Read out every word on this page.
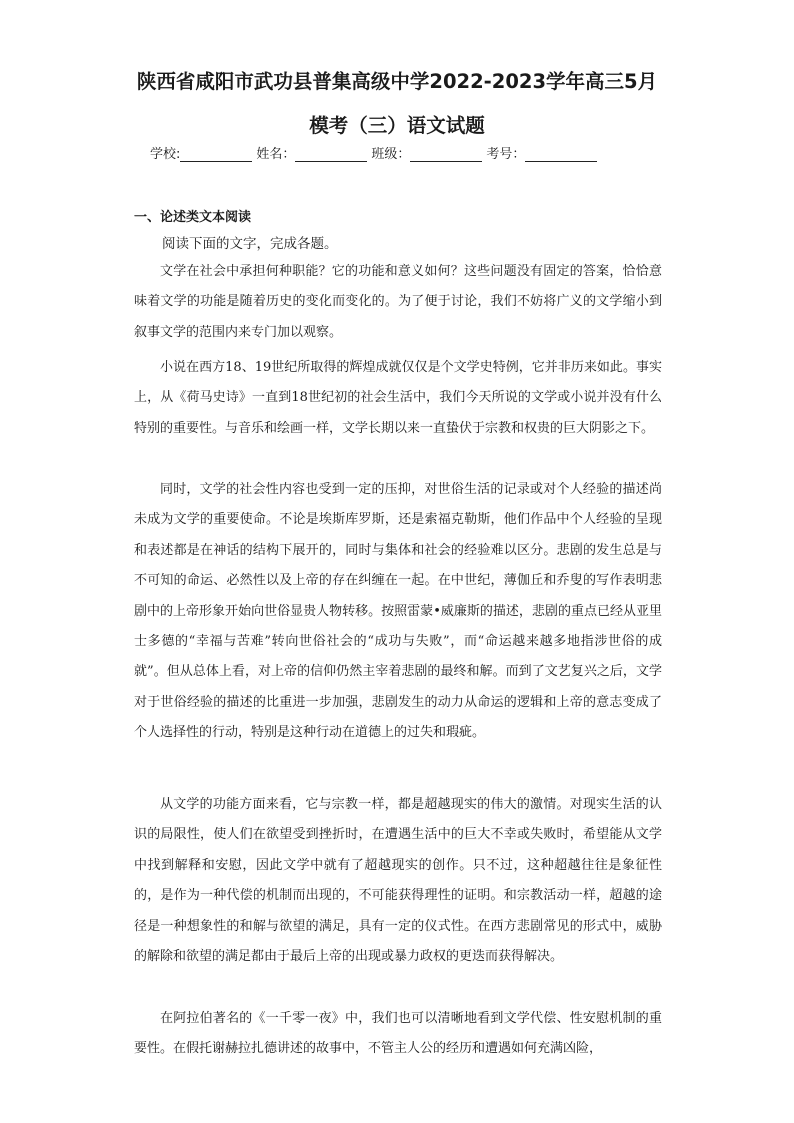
陕西省咸阳市武功县普集高级中学2022-2023学年高三5月
模考（三）语文试题
学校:	姓名：	班级：	考号：
一、论述类文本阅读
阅读下面的文字，完成各题。

文学在社会中承担何种职能？它的功能和意义如何？这些问题没有固定的答案，恰恰意味着文学的功能是随着历史的变化而变化的。为了便于讨论，我们不妨将广义的文学缩小到叙事文学的范围内来专门加以观察。

小说在西方18、19世纪所取得的辉煌成就仅仅是个文学史特例，它并非历来如此。事实上，从《荷马史诗》一直到18世纪初的社会生活中，我们今天所说的文学或小说并没有什么特别的重要性。与音乐和绘画一样，文学长期以来一直蛰伏于宗教和权贵的巨大阴影之下。

同时，文学的社会性内容也受到一定的压抑，对世俗生活的记录或对个人经验的描述尚未成为文学的重要使命。不论是埃斯库罗斯，还是索福克勒斯，他们作品中个人经验的呈现和表述都是在神话的结构下展开的，同时与集体和社会的经验难以区分。悲剧的发生总是与不可知的命运、必然性以及上帝的存在纠缠在一起。在中世纪，薄伽丘和乔叟的写作表明悲剧中的上帝形象开始向世俗显贵人物转移。按照雷蒙•威廉斯的描述，悲剧的重点已经从亚里士多德的“幸福与苦难”转向世俗社会的“成功与失败”，而“命运越来越多地指涉世俗的成就”。但从总体上看，对上帝的信仰仍然主宰着悲剧的最终和解。而到了文艺复兴之后，文学对于世俗经验的描述的比重进一步加强，悲剧发生的动力从命运的逻辑和上帝的意志变成了个人选择性的行动，特别是这种行动在道德上的过失和瑕疵。

从文学的功能方面来看，它与宗教一样，都是超越现实的伟大的激情。对现实生活的认识的局限性，使人们在欲望受到挫折时，在遭遇生活中的巨大不幸或失败时，希望能从文学中找到解释和安慰，因此文学中就有了超越现实的创作。只不过，这种超越往往是象征性的，是作为一种代偿的机制而出现的，不可能获得理性的证明。和宗教活动一样，超越的途径是一种想象性的和解与欲望的满足，具有一定的仪式性。在西方悲剧常见的形式中，威胁的解除和欲望的满足都由于最后上帝的出现或暴力政权的更迭而获得解决。

在阿拉伯著名的《一千零一夜》中，我们也可以清晰地看到文学代偿、性安慰机制的重要性。在假托谢赫拉扎德讲述的故事中，不管主人公的经历和遭遇如何充满凶险，
